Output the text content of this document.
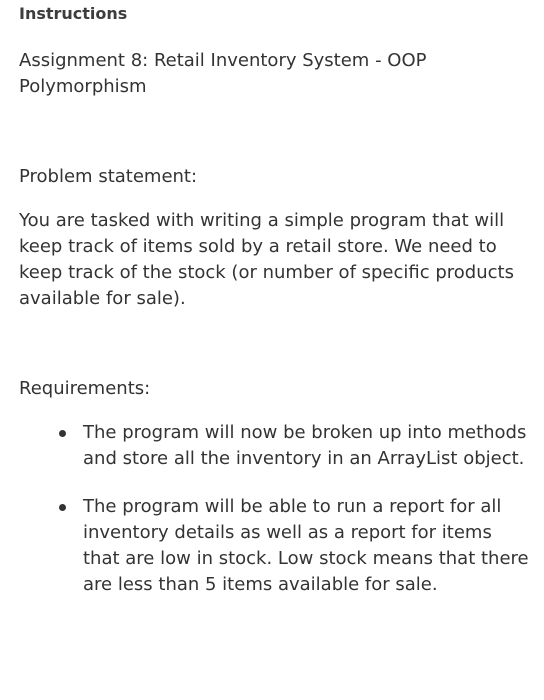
Instructions

Assignment 8: Retail Inventory System - OOP Polymorphism

Problem statement:

You are tasked with writing a simple program that will keep track of items sold by a retail store. We need to keep track of the stock (or number of specific products available for sale).

Requirements:

The program will now be broken up into methods and store all the inventory in an ArrayList object.
The program will be able to run a report for all inventory details as well as a report for items that are low in stock. Low stock means that there are less than 5 items available for sale.
